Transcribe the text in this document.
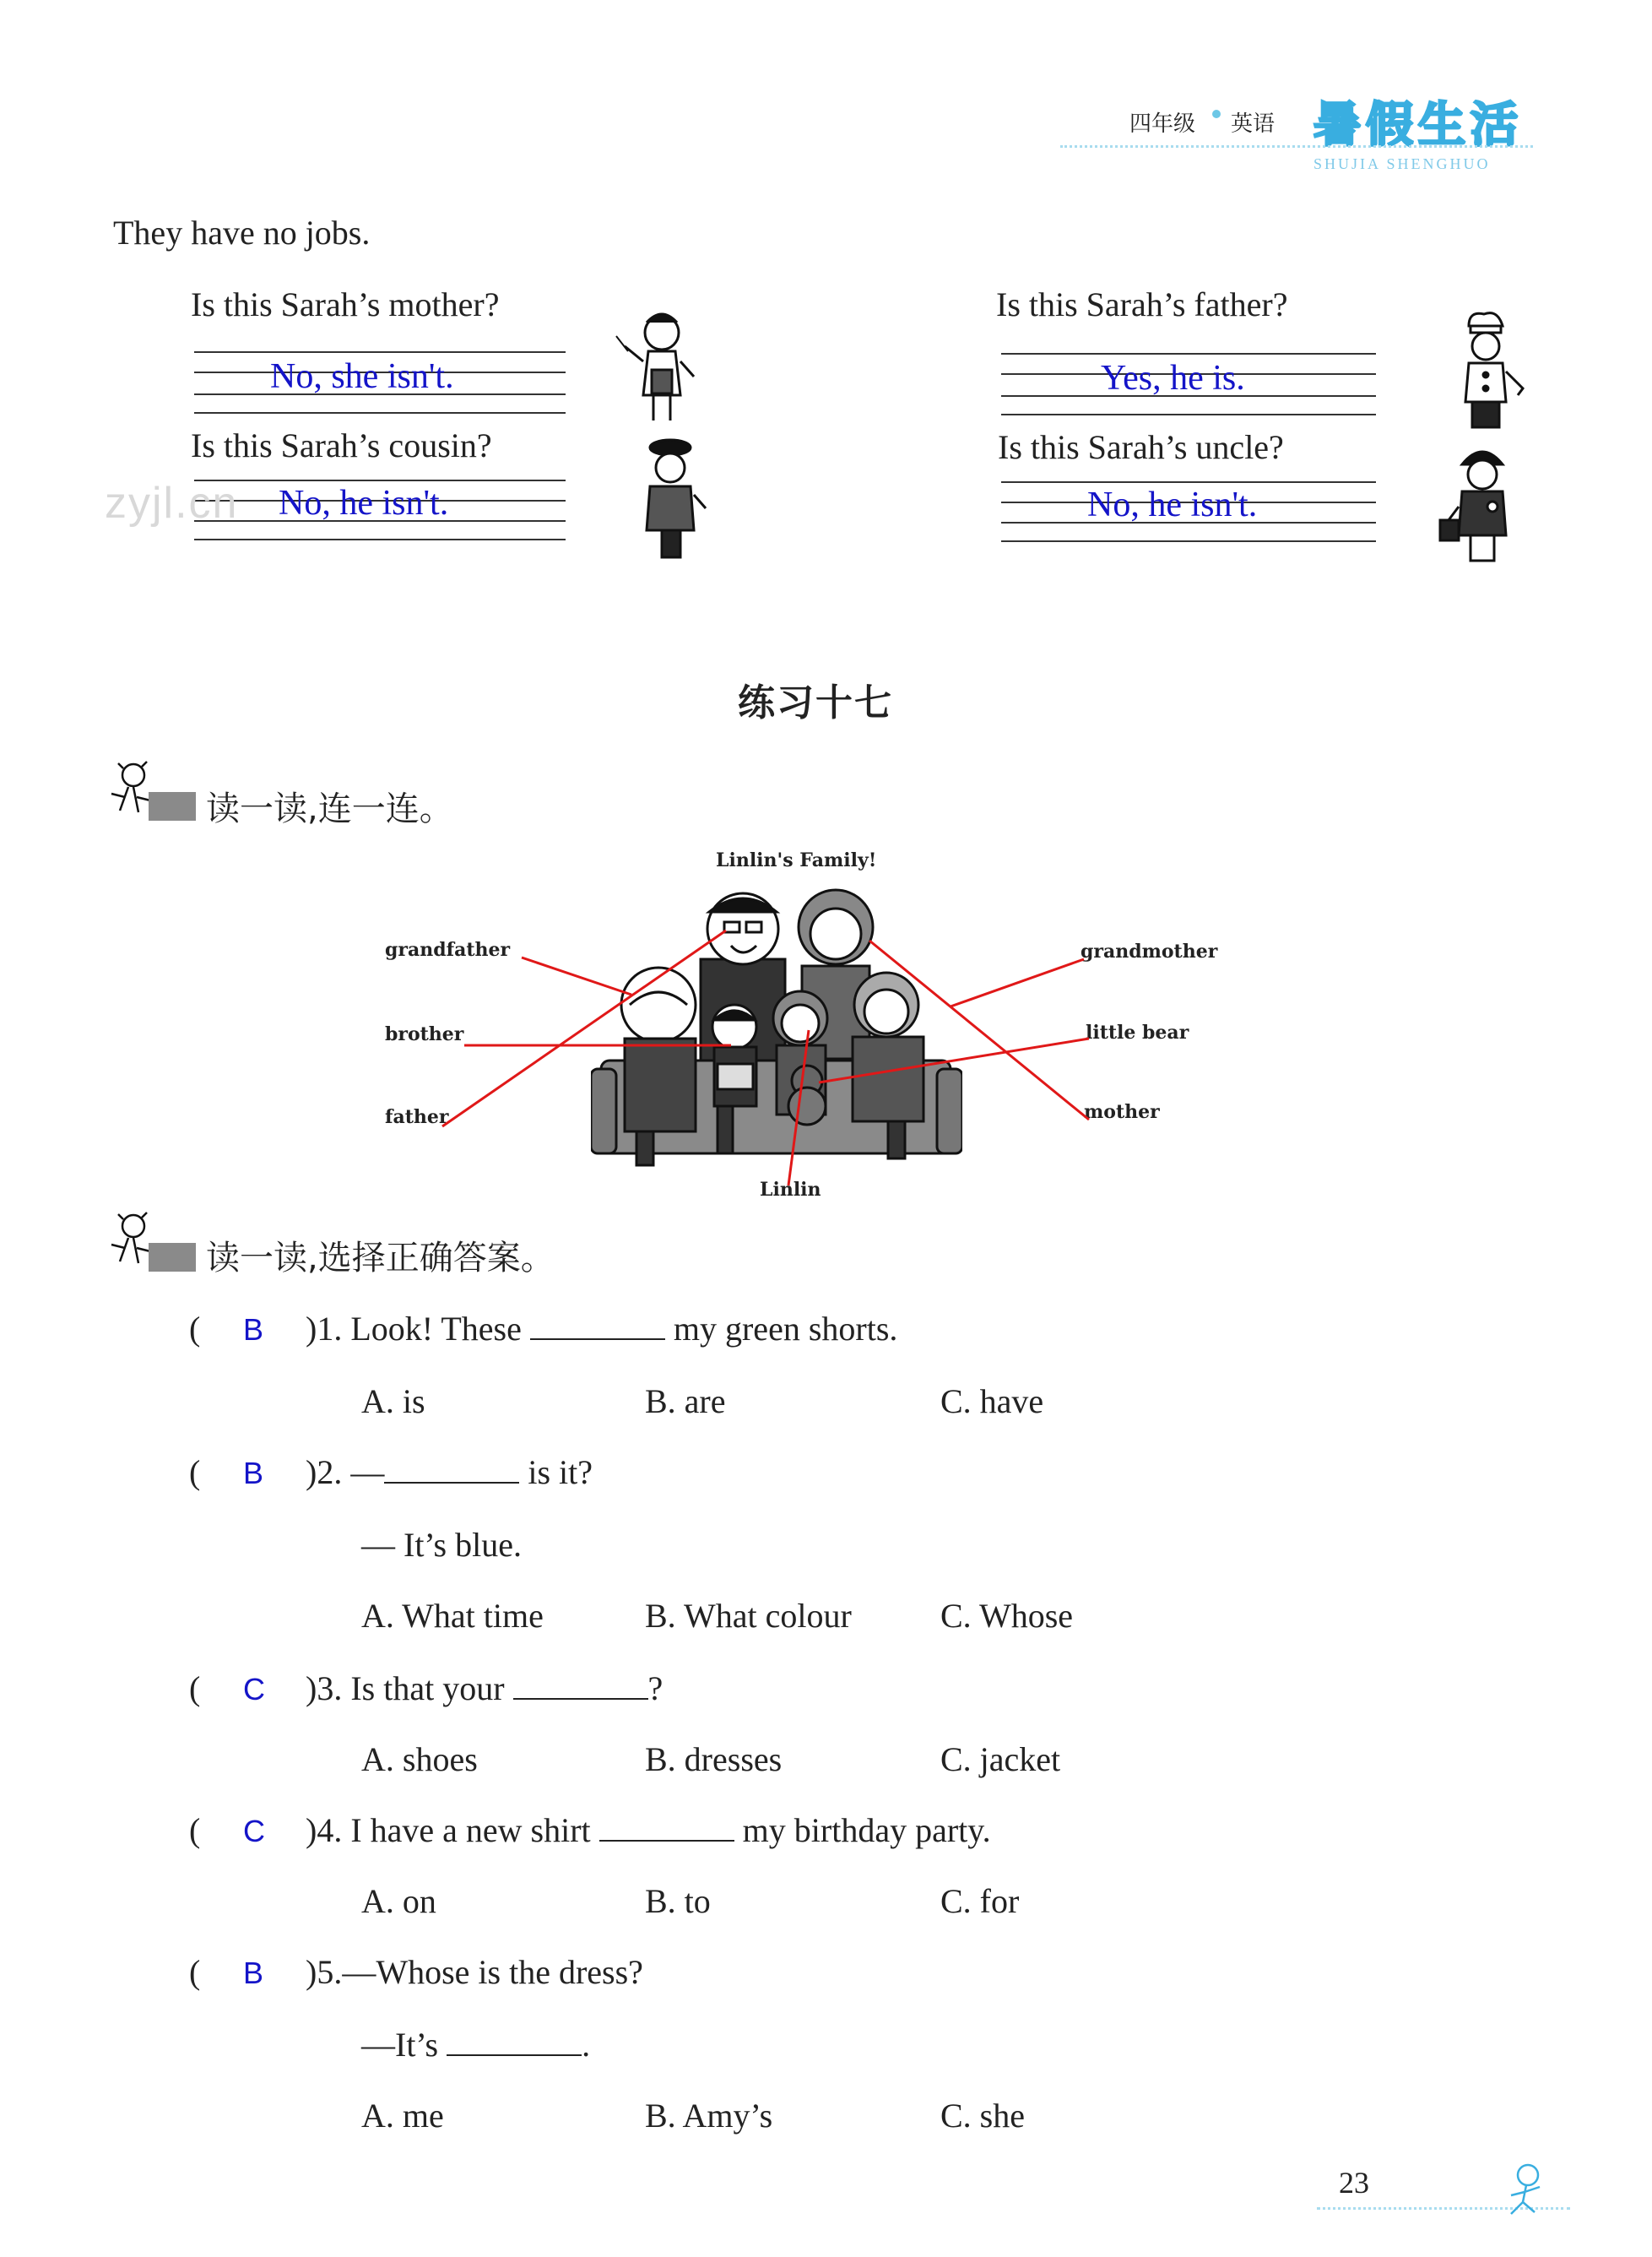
四年级 英语 暑假生活
SHUJIA SHENGHUO
They have no jobs.
Is this Sarah’s mother?
No, she isn't.
Is this Sarah’s father?
Yes, he is.
Is this Sarah’s cousin?
No, he isn't.
Is this Sarah’s uncle?
No, he isn't.
zyjl.cn
练习十七
读一读,连一连。
Linlin's Family!
grandfather
brother
father
grandmother
little bear
mother
Linlin
读一读,选择正确答案。
( B )1. Look! These	my green shorts.
A. is	B. are	C. have
( B )2. —	is it?
— It’s blue.
A. What time	B. What colour	C. Whose
( C )3. Is that your	?
A. shoes	B. dresses	C. jacket
( C )4. I have a new shirt	my birthday party.
A. on	B. to	C. for
( B )5.—Whose is the dress?
—It’s	.
A. me	B. Amy’s	C. she
23
